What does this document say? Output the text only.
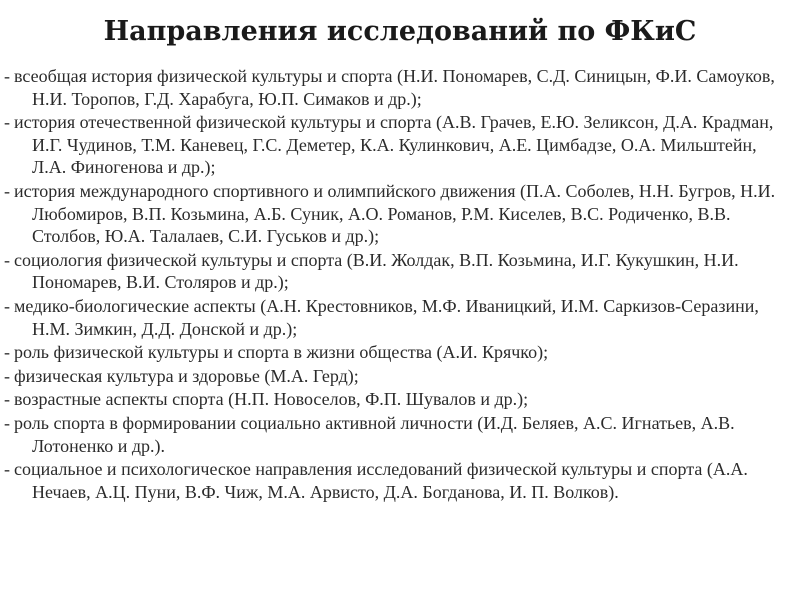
Направления исследований по ФКиС
- всеобщая история физической культуры и спорта (Н.И. Пономарев, С.Д. Синицын, Ф.И. Самоуков, Н.И. Торопов, Г.Д. Харабуга, Ю.П. Симаков и др.);
- история отечественной физической культуры и спорта (А.В. Грачев, Е.Ю. Зеликсон, Д.А. Крадман, И.Г. Чудинов, Т.М. Каневец, Г.С. Деметер, К.А. Кулинкович, А.Е. Цимбадзе, О.А. Мильштейн, Л.А. Финогенова и др.);
- история международного спортивного и олимпийского движения (П.А. Соболев, Н.Н. Бугров, Н.И. Любомиров, В.П. Козьмина, А.Б. Суник, А.О. Романов, Р.М. Киселев, В.С. Родиченко, В.В. Столбов, Ю.А. Талалаев, С.И. Гуськов и др.);
- социология физической культуры и спорта (В.И. Жолдак, В.П. Козьмина, И.Г. Кукушкин, Н.И. Пономарев, В.И. Столяров и др.);
- медико-биологические аспекты (А.Н. Крестовников, М.Ф. Иваницкий, И.М. Саркизов-Серазини, Н.М. Зимкин, Д.Д. Донской и др.);
- роль физической культуры и спорта в жизни общества (А.И. Крячко);
- физическая культура и здоровье (М.А. Герд);
- возрастные аспекты спорта (Н.П. Новоселов, Ф.П. Шувалов и др.);
- роль спорта в формировании социально активной личности (И.Д. Беляев, А.С. Игнатьев, А.В. Лотоненко и др.).
- социальное и психологическое направления исследований физической культуры и спорта (А.А. Нечаев, А.Ц. Пуни, В.Ф. Чиж, М.А. Арвисто, Д.А. Богданова, И. П. Волков).
